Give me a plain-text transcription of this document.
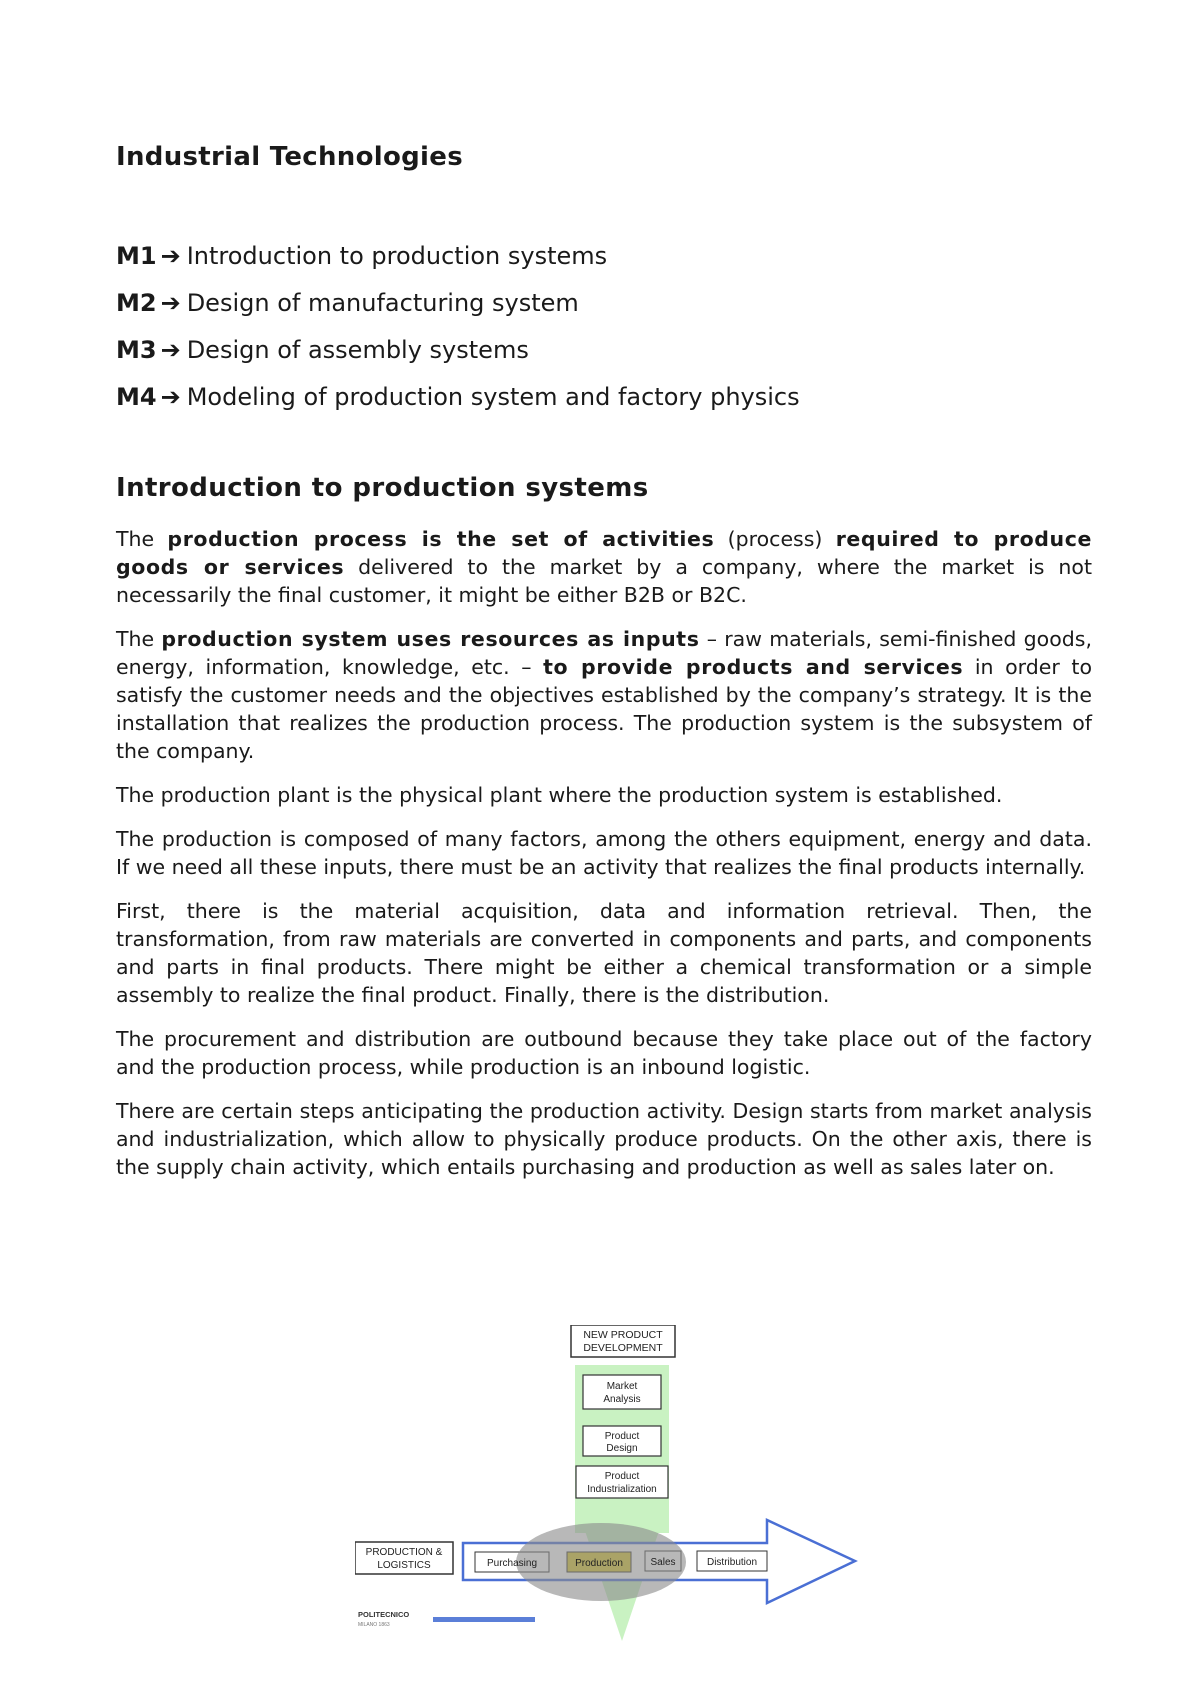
Industrial Technologies
M1 ➔ Introduction to production systems
M2 ➔ Design of manufacturing system
M3 ➔ Design of assembly systems
M4 ➔ Modeling of production system and factory physics
Introduction to production systems

The production process is the set of activities (process) required to produce goods or services delivered to the market by a company, where the market is not necessarily the final customer, it might be either B2B or B2C.

The production system uses resources as inputs – raw materials, semi-finished goods, energy, information, knowledge, etc. – to provide products and services in order to satisfy the customer needs and the objectives established by the company’s strategy. It is the installation that realizes the production process. The production system is the subsystem of the company.

The production plant is the physical plant where the production system is established.

The production is composed of many factors, among the others equipment, energy and data. If we need all these inputs, there must be an activity that realizes the final products internally.

First, there is the material acquisition, data and information retrieval. Then, the transformation, from raw materials are converted in components and parts, and components and parts in final products. There might be either a chemical transformation or a simple assembly to realize the final product. Finally, there is the distribution.

The procurement and distribution are outbound because they take place out of the factory and the production process, while production is an inbound logistic.

There are certain steps anticipating the production activity. Design starts from market analysis and industrialization, which allow to physically produce products. On the other axis, there is the supply chain activity, which entails purchasing and production as well as sales later on.

NEW PRODUCT
DEVELOPMENT
Market
Analysis
Product
Design
Product
Industrialization
PRODUCTION &
LOGISTICS	Purchasing	Production	Sales	Distribution
POLITECNICO
MILANO 1863
